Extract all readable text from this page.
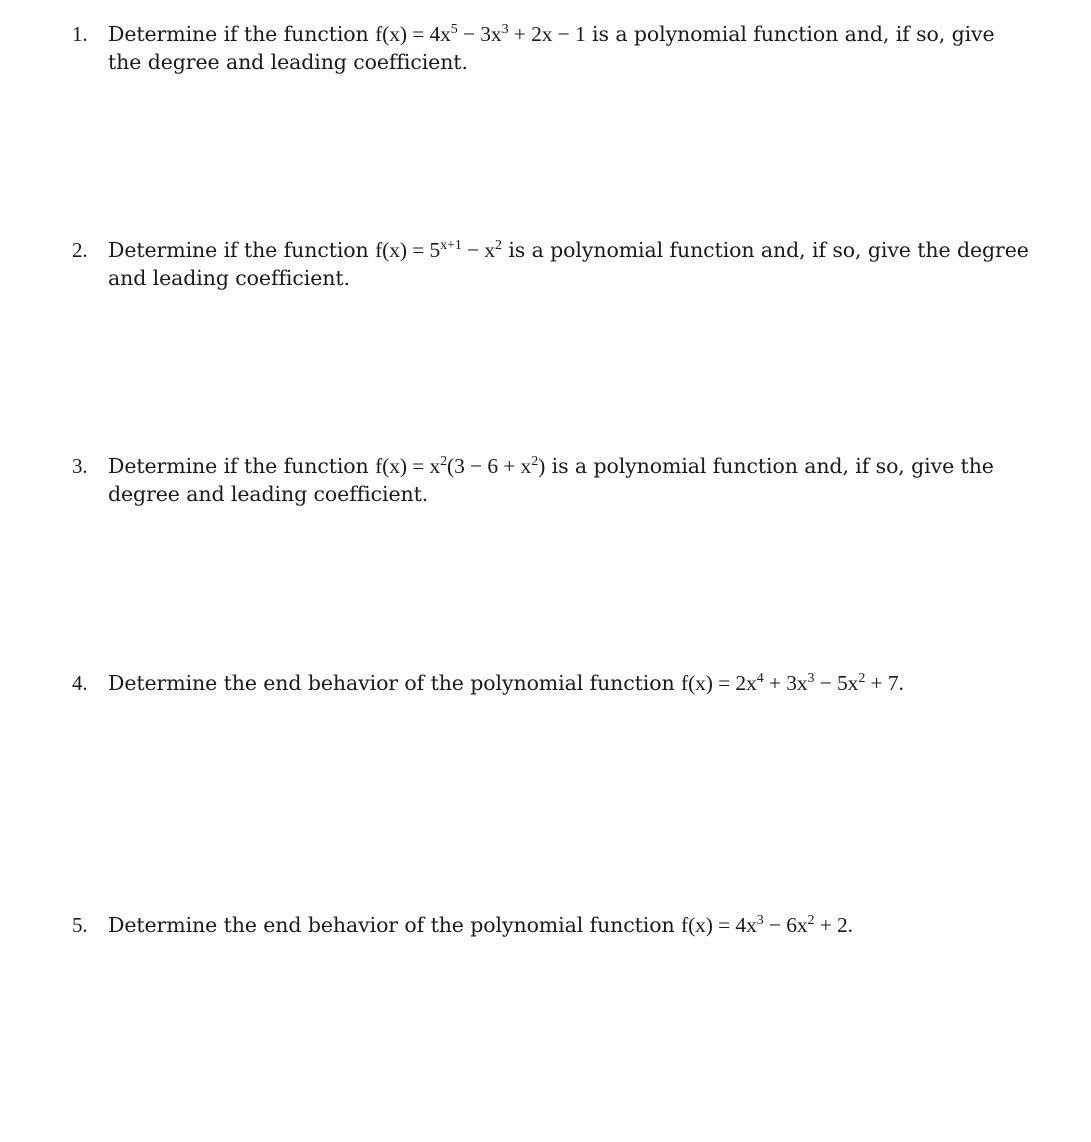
1. Determine if the function $f(x) = 4x^5 - 3x^3 + 2x - 1$ is a polynomial function and, if so, give the degree and leading coefficient.
2. Determine if the function $f(x) = 5^{x+1} - x^2$ is a polynomial function and, if so, give the degree and leading coefficient.
3. Determine if the function $f(x) = x^2(3 - 6 + x^2)$ is a polynomial function and, if so, give the degree and leading coefficient.
4. Determine the end behavior of the polynomial function $f(x) = 2x^4 + 3x^3 - 5x^2 + 7$.
5. Determine the end behavior of the polynomial function $f(x) = 4x^3 - 6x^2 + 2$.
